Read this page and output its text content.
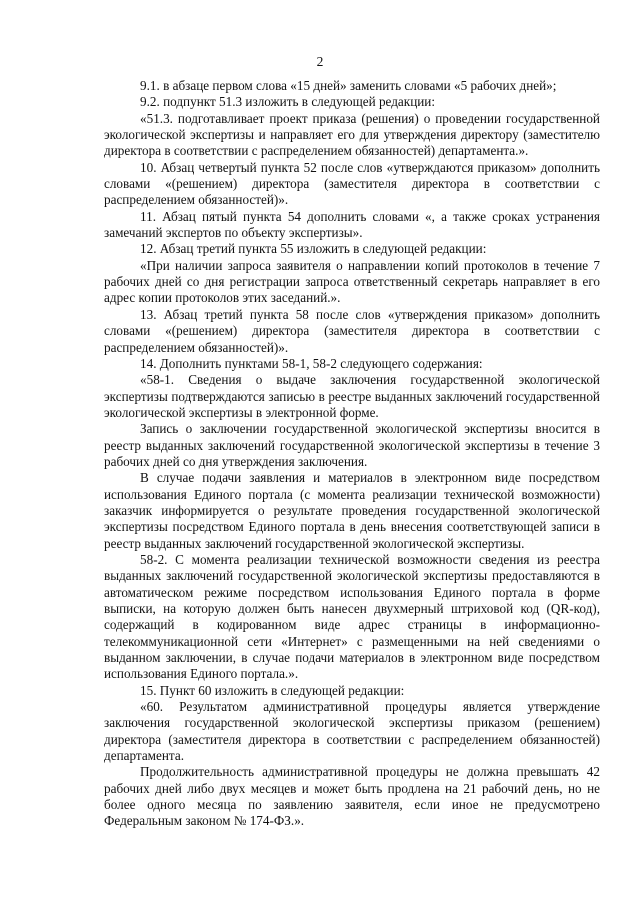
2

9.1. в абзаце первом слова «15 дней» заменить словами «5 рабочих дней»;

9.2. подпункт 51.3 изложить в следующей редакции:

«51.3. подготавливает проект приказа (решения) о проведении государственной экологической экспертизы и направляет его для утверждения директору (заместителю директора в соответствии с распределением обязанностей) департамента.».

10. Абзац четвертый пункта 52 после слов «утверждаются приказом» дополнить словами «(решением) директора (заместителя директора в соответствии с распределением обязанностей)».

11. Абзац пятый пункта 54 дополнить словами «, а также сроках устранения замечаний экспертов по объекту экспертизы».

12. Абзац третий пункта 55 изложить в следующей редакции:

«При наличии запроса заявителя о направлении копий протоколов в течение 7 рабочих дней со дня регистрации запроса ответственный секретарь направляет в его адрес копии протоколов этих заседаний.».

13. Абзац третий пункта 58 после слов «утверждения приказом» дополнить словами «(решением) директора (заместителя директора в соответствии с распределением обязанностей)».

14. Дополнить пунктами 58-1, 58-2 следующего содержания:

«58-1. Сведения о выдаче заключения государственной экологической экспертизы подтверждаются записью в реестре выданных заключений государственной экологической экспертизы в электронной форме.

Запись о заключении государственной экологической экспертизы вносится в реестр выданных заключений государственной экологической экспертизы в течение 3 рабочих дней со дня утверждения заключения.

В случае подачи заявления и материалов в электронном виде посредством использования Единого портала (с момента реализации технической возможности) заказчик информируется о результате проведения государственной экологической экспертизы посредством Единого портала в день внесения соответствующей записи в реестр выданных заключений государственной экологической экспертизы.

58-2. С момента реализации технической возможности сведения из реестра выданных заключений государственной экологической экспертизы предоставляются в автоматическом режиме посредством использования Единого портала в форме выписки, на которую должен быть нанесен двухмерный штриховой код (QR-код), содержащий в кодированном виде адрес страницы в информационно-телекоммуникационной сети «Интернет» с размещенными на ней сведениями о выданном заключении, в случае подачи материалов в электронном виде посредством использования Единого портала.».

15. Пункт 60 изложить в следующей редакции:

«60. Результатом административной процедуры является утверждение заключения государственной экологической экспертизы приказом (решением) директора (заместителя директора в соответствии с распределением обязанностей) департамента.

Продолжительность административной процедуры не должна превышать 42 рабочих дней либо двух месяцев и может быть продлена на 21 рабочий день, но не более одного месяца по заявлению заявителя, если иное не предусмотрено Федеральным законом № 174-ФЗ.».
